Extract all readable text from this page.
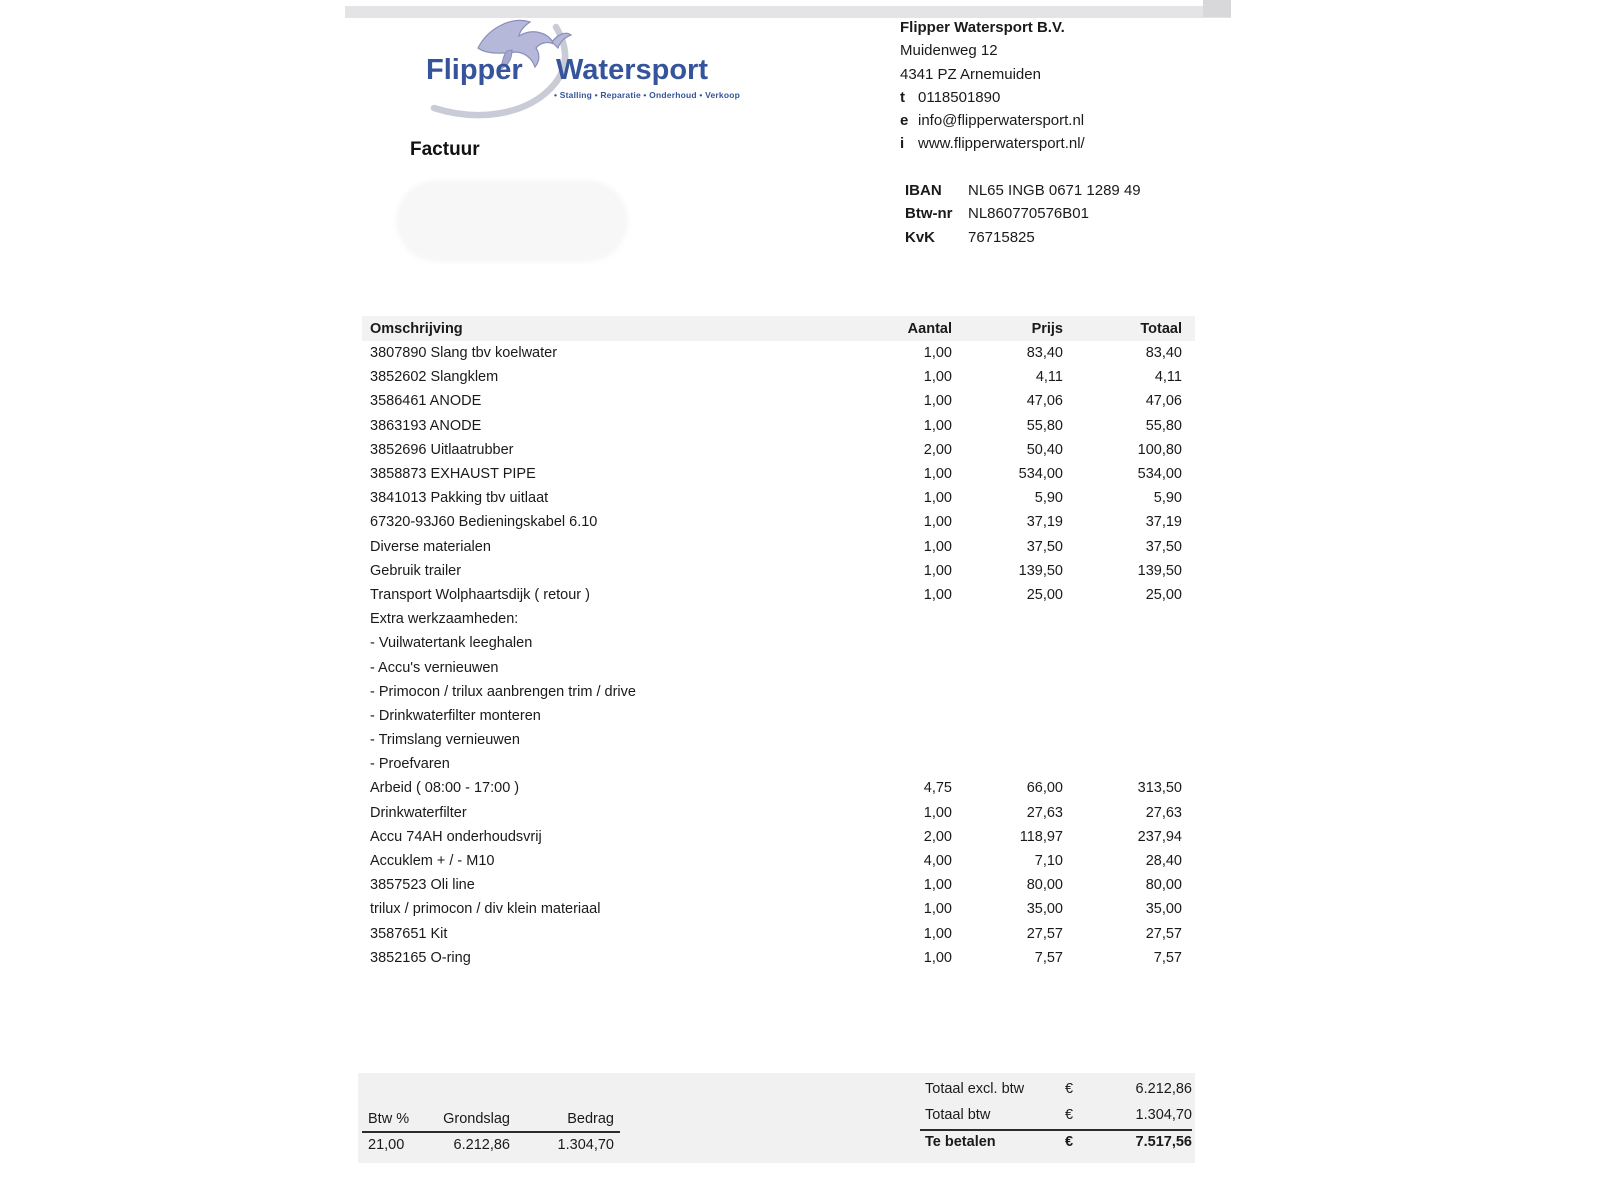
Flipper Watersport
• Stalling • Reparatie • Onderhoud • Verkoop
Factuur
Flipper Watersport B.V.
Muidenweg 12
4341 PZ Arnemuiden
t 0118501890
e info@flipperwatersport.nl
i www.flipperwatersport.nl/
IBAN	NL65 INGB 0671 1289 49
Btw-nr	NL860770576B01
KvK	76715825
Omschrijving	Aantal	Prijs	Totaal
3807890 Slang tbv koelwater	1,00	83,40	83,40
3852602 Slangklem	1,00	4,11	4,11
3586461 ANODE	1,00	47,06	47,06
3863193 ANODE	1,00	55,80	55,80
3852696 Uitlaatrubber	2,00	50,40	100,80
3858873 EXHAUST PIPE	1,00	534,00	534,00
3841013 Pakking tbv uitlaat	1,00	5,90	5,90
67320-93J60 Bedieningskabel 6.10	1,00	37,19	37,19
Diverse materialen	1,00	37,50	37,50
Gebruik trailer	1,00	139,50	139,50
Transport Wolphaartsdijk ( retour )	1,00	25,00	25,00
Extra werkzaamheden:			
- Vuilwatertank leeghalen			
- Accu's vernieuwen			
- Primocon / trilux aanbrengen trim / drive			
- Drinkwaterfilter monteren			
- Trimslang vernieuwen			
- Proefvaren			
Arbeid ( 08:00 - 17:00 )	4,75	66,00	313,50
Drinkwaterfilter	1,00	27,63	27,63
Accu 74AH onderhoudsvrij	2,00	118,97	237,94
Accuklem + / - M10	4,00	7,10	28,40
3857523 Oli line	1,00	80,00	80,00
trilux / primocon / div klein materiaal	1,00	35,00	35,00
3587651 Kit	1,00	27,57	27,57
3852165 O-ring	1,00	7,57	7,57
Btw %	Grondslag	Bedrag
21,00	6.212,86	1.304,70
Totaal excl. btw	€	6.212,86
Totaal btw	€	1.304,70
Te betalen	€	7.517,56
